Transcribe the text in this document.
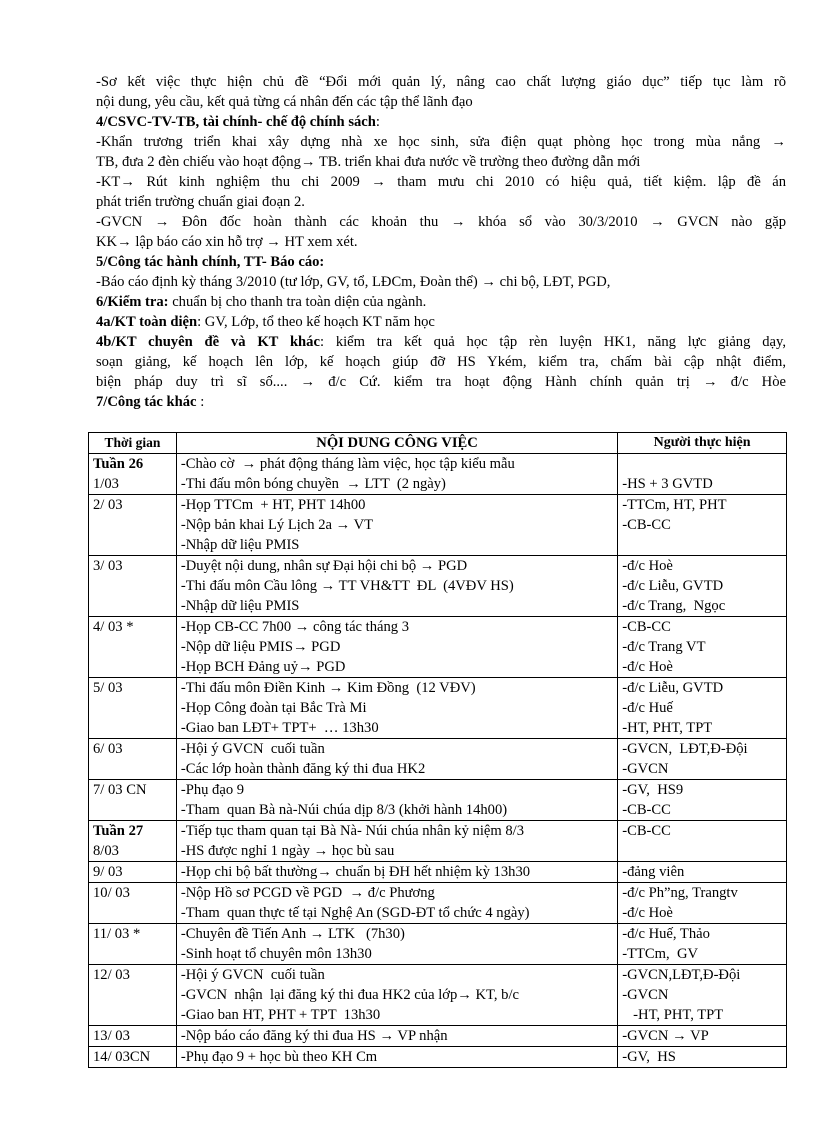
-Sơ kết việc thực hiện chủ đề “Đổi mới quản lý, nâng cao chất lượng giáo dục” tiếp tục làm rõ

nội dung, yêu cầu, kết quả từng cá nhân đến các tập thể lãnh đạo

4/CSVC-TV-TB, tài chính- chế độ chính sách:

-Khẩn trương triển khai xây dựng nhà xe học sinh, sửa điện quạt phòng học trong mùa nắng →

TB, đưa 2 đèn chiếu vào hoạt động→ TB. triển khai đưa nước về trường theo đường dẫn mới

-KT→ Rút kinh nghiệm thu chi 2009 → tham mưu chi 2010 có hiệu quả, tiết kiệm. lập đề án

phát triển trường chuẩn giai đoạn 2.

-GVCN → Đôn đốc hoàn thành các khoản thu → khóa sổ vào 30/3/2010 → GVCN nào gặp

KK→ lập báo cáo xin hỗ trợ → HT xem xét.

5/Công tác hành chính, TT- Báo cáo:

-Báo cáo định kỳ tháng 3/2010 (tư lớp, GV, tổ, LĐCm, Đoàn thể) → chi bộ, LĐT, PGD,

6/Kiểm tra: chuẩn bị cho thanh tra toàn diện của ngành.

4a/KT toàn diện: GV, Lớp, tổ theo kế hoạch KT năm học

4b/KT chuyên đề và KT khác: kiểm tra kết quả học tập rèn luyện HK1, năng lực giảng dạy,

soạn giảng, kế hoạch lên lớp, kế hoạch giúp đỡ HS Ykém, kiểm tra, chấm bài cập nhật điểm,

biện pháp duy trì sĩ số.... → đ/c Cứ. kiểm tra hoạt động Hành chính quản trị → đ/c Hòe

7/Công tác khác :

Thời gian	NỘI DUNG CÔNG VIỆC	Người thực hiện

Tuần 26
1/03	-Chào cờ  → phát động tháng làm việc, học tập kiểu mẫu
-Thi đấu môn bóng chuyền  → LTT  (2 ngày)	-HS + 3 GVTD

2/ 03	-Họp TTCm  + HT, PHT 14h00
-Nộp bản khai Lý Lịch 2a → VT
-Nhập dữ liệu PMIS	-TTCm, HT, PHT
-CB-CC

3/ 03	-Duyệt nội dung, nhân sự Đại hội chi bộ → PGD
-Thi đấu môn Cầu lông → TT VH&TT  ĐL  (4VĐV HS)
-Nhập dữ liệu PMIS	-đ/c Hoè
-đ/c Liễu, GVTD
-đ/c Trang,  Ngọc

4/ 03 *	-Họp CB-CC 7h00 → công tác tháng 3
-Nộp dữ liệu PMIS→ PGD
-Họp BCH Đảng uỷ→ PGD	-CB-CC
-đ/c Trang VT
-đ/c Hoè

5/ 03	-Thi đấu môn Điền Kinh → Kim Đồng  (12 VĐV)
-Họp Công đoàn tại Bắc Trà Mi
-Giao ban LĐT+ TPT+  … 13h30	-đ/c Liễu, GVTD
-đ/c Huế
-HT, PHT, TPT

6/ 03	-Hội ý GVCN  cuối tuần
-Các lớp hoàn thành đăng ký thi đua HK2	-GVCN,  LĐT,Đ-Đội
-GVCN

7/ 03 CN	-Phụ đạo 9
-Tham  quan Bà nà-Núi chúa dịp 8/3 (khởi hành 14h00)	-GV,  HS9
-CB-CC

Tuần 27
8/03	-Tiếp tục tham quan tại Bà Nà- Núi chúa nhân kỷ niệm 8/3
-HS được nghỉ 1 ngày → học bù sau	-CB-CC

9/ 03	-Họp chi bộ bất thường→ chuẩn bị ĐH hết nhiệm kỳ 13h30	-đảng viên

10/ 03	-Nộp Hồ sơ PCGD về PGD  → đ/c Phương
-Tham  quan thực tế tại Nghệ An (SGD-ĐT tổ chức 4 ngày)	-đ/c Ph”ng, Trangtv
-đ/c Hoè

11/ 03 *	-Chuyên đề Tiến Anh → LTK   (7h30)
-Sinh hoạt tổ chuyên môn 13h30	-đ/c Huế, Thảo
-TTCm,  GV

12/ 03	-Hội ý GVCN  cuối tuần
-GVCN  nhận  lại đăng ký thi đua HK2 của lớp→ KT, b/c
-Giao ban HT, PHT + TPT  13h30	-GVCN,LĐT,Đ-Đội
-GVCN
-HT, PHT, TPT

13/ 03	-Nộp báo cáo đăng ký thi đua HS → VP nhận	-GVCN → VP

14/ 03CN	-Phụ đạo 9 + học bù theo KH Cm	-GV,  HS
